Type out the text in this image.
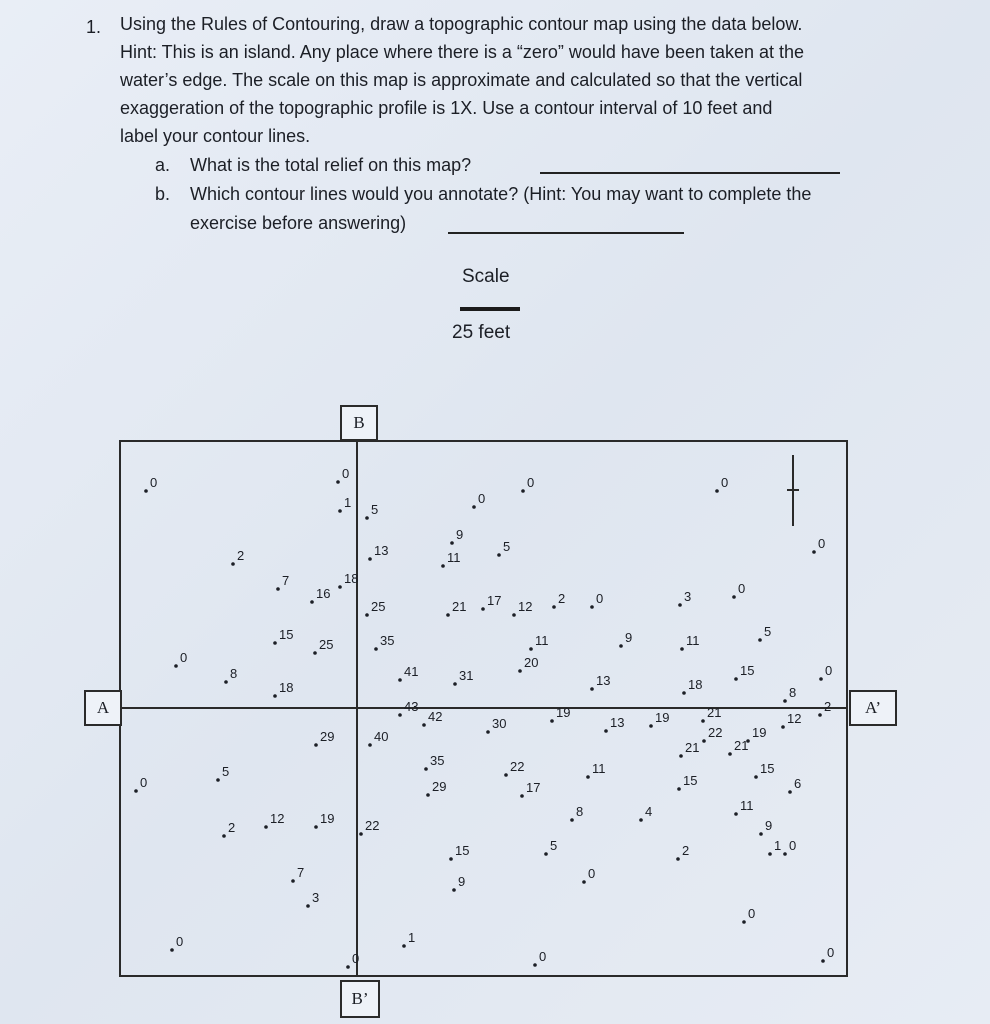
1. Using the Rules of Contouring, draw a topographic contour map using the data below.
Hint: This is an island. Any place where there is a “zero” would have been taken at the
water’s edge. The scale on this map is approximate and calculated so that the vertical
exaggeration of the topographic profile is 1X. Use a contour interval of 10 feet and
label your contour lines.
a. What is the total relief on this map?
b. Which contour lines would you annotate? (Hint: You may want to complete the
exercise before answering)
Scale
25 feet
0
0
0
0
0
0
1 5
9
5
13	11
2
7
16
18
25	21 17 12
2 0	3
0
15
25	35	11	9	11
5
0
8	41	31
20
13	18
15	0
18	8
2
43
42	30
19
13 19	21	12
29	40	22 19
21	21
0
5
35	22	11
15
29	17
15
6
2
12	19 22
8	4	11
9
15	5	2	1 0
7
9
0
3
0
0	1
0	0	0
B
B’
A	A’
